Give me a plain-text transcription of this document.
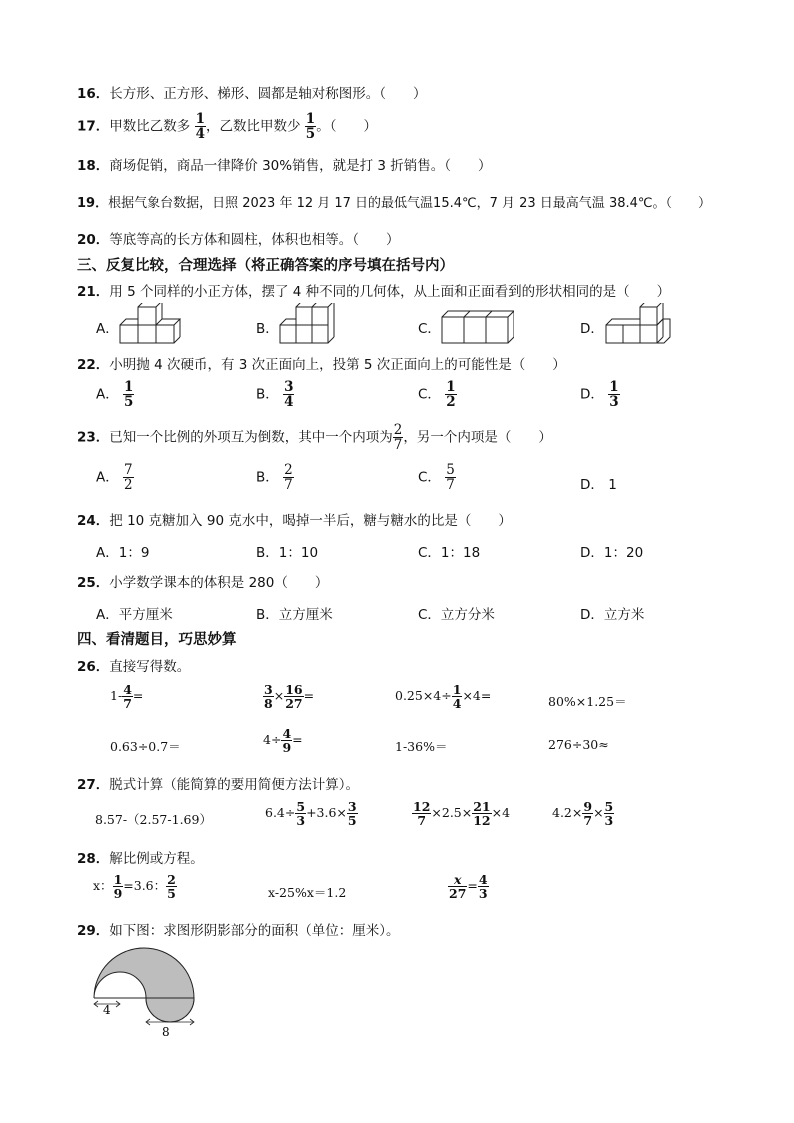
16．长方形、正方形、梯形、圆都是轴对称图形。（　　）
17．甲数比乙数多 $\frac{1}{4}$ ，乙数比甲数少 $\frac{1}{5}$ 。（　　）
18．商场促销，商品一律降价 30%销售，就是打 3 折销售。（　　）
19．根据气象台数据，日照 2023 年 12 月 17 日的最低气温15.4℃，7 月 23 日最高气温 38.4℃。（　　）
20．等底等高的长方体和圆柱，体积也相等。（　　）
三、反复比较，合理选择（将正确答案的序号填在括号内）
21．用 5 个同样的小正方体，摆了 4 种不同的几何体，从上面和正面看到的形状相同的是（　　）
A．	B．	C．	D．
22．小明抛 4 次硬币，有 3 次正面向上，投第 5 次正面向上的可能性是（　　）
A． $\frac{1}{5}$	B． $\frac{3}{4}$	C． $\frac{1}{2}$	D． $\frac{1}{3}$
23．已知一个比例的外项互为倒数，其中一个内项为 $\frac{2}{7}$ ，另一个内项是（　　）
A． $\frac{7}{2}$	B． $\frac{2}{7}$	C． $\frac{5}{7}$	D． 1
24．把 10 克糖加入 90 克水中，喝掉一半后，糖与糖水的比是（　　）
A．1：9	B．1：10	C．1：18	D．1：20
25．小学数学课本的体积是 280（　　）
A．平方厘米	B．立方厘米	C．立方分米	D．立方米
四、看清题目，巧思妙算
26．直接写得数。
$1- \frac{4}{7}$ =	$\frac{3}{8} \times \frac{16}{27}$ =	$0.25\times 4\div \frac{1}{4} \times 4=$	80%×1.25＝
0.63÷0.7＝	$4\div \frac{4}{9}$ =	1-36%＝	276÷30≈
27．脱式计算（能简算的要用简便方法计算）。
8.57-（2.57-1.69）	$6.4\div \frac{5}{3} +3.6\times \frac{3}{5}$	$\frac{12}{7} \times 2.5\times \frac{21}{12} \times 4$	$4.2\times \frac{9}{7} \times \frac{5}{3}$
28．解比例或方程。
x： $\frac{1}{9} =3.6$： $\frac{2}{5}$	x-25%x＝1.2	$\frac{x}{27} = \frac{4}{3}$
29．如下图：求图形阴影部分的面积（单位：厘米）。
4
8
